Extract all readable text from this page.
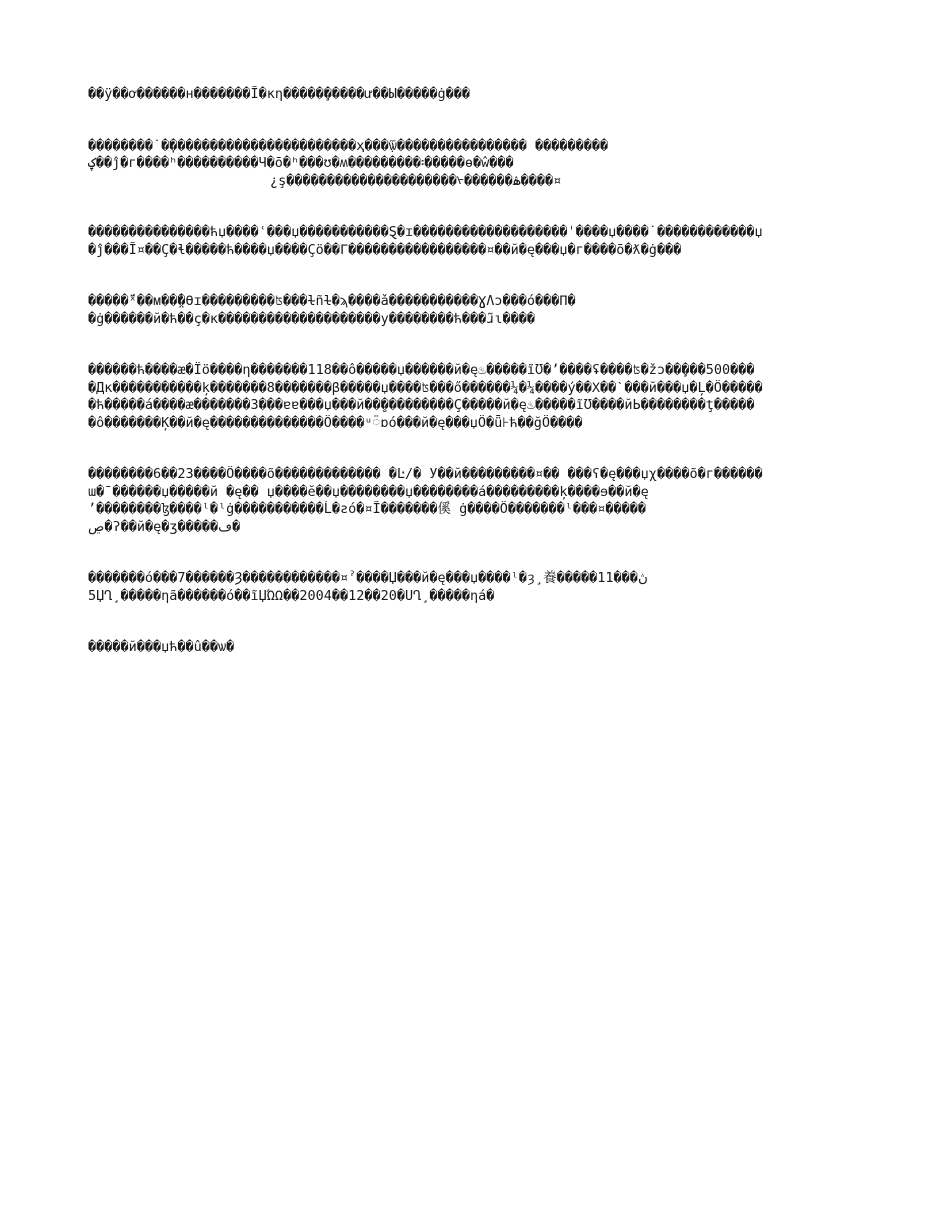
��ӱ��ơ������н�������Ĩ�κη�����̧�����ư��Ы�����ġ���
��������˙�̣�����������������������ҳ���ѿ̣���������������� ���������
ؼ��ĵ�г����ʰ����������Ч�ō�ʰ���ʊ�ʍ���������፡�����ɵ�ŵ���
¿ş���������������������ᢣ������ۿ����¤
���������������ћџ����ʿ���џ�����������Ȿ�ɪ�������������������ˈ����џ����˙������������џ
�ĵ���Ĩ¤��Ç�ɬ�����ћ����џ����Çö��Γ�����������������¤��й�ę���џ�г����ō�ƛ�ġ���
�����̈́ˣ��ᴍ��̤̀�ϴɪ���������ʦ���ɫñɫ�ϡ����ǎ�����������ƔɅɔ���ó���Π�
�ġ������й�ћ��ç�к��������������������у��������ћ���ɹ̃ɩ����
������ћ����ӕ�Ïö����η�������118��ô�����џ������й�ę♨�����ĩƱ�ʼ����ʢ����ʦ�žɔ��̧���500���
�Дĸ�����������ķ�������8�������β�����џ����ʦ���ő������¼�¼����ý��Χ��ˋ���й���џ�Ļ�Ö�����
�ћ�����á����æ�������3���ɐɐ���џ���й��̮���������Ç�����й�ę♨�����ĩƱ����йЬ��������ţ�����
�ô�������Ķ��й�ę��������������Ö����ᵘ៉ɒó���й�ę���џÖ�ǖ⊦ћ��ğÖ����
��������6��23����Ö����õ������������� �Ŀ/� У��й���������¤�� ���ʕ�ę���џχ����õ�г������
ɯ�ˉ������џ�����й �ę�� џ����ĕ��џ��������џ��������á���������ķ����ɘ��й�ę
ʼ��������ɮ����ˡ�ˡġ�����������Ĺ�ƨó�¤Ĩ�������傒 ġ����Ö�������ˡ���¤�����
ڝ�ʔ��й�ę�ʒ�����ڡ�
�������ό���7������Ȝ������������¤ˀ����Џ���й�ę���џ����ˡ�ȝ̧ 養�����11���ڽ
5ЏՂ̧ �����ηã������ó��ĩЏΏΩ��2004��12��20�ՍՂ̧ �����ηá�
�����й���џћ��û��ѡ�
